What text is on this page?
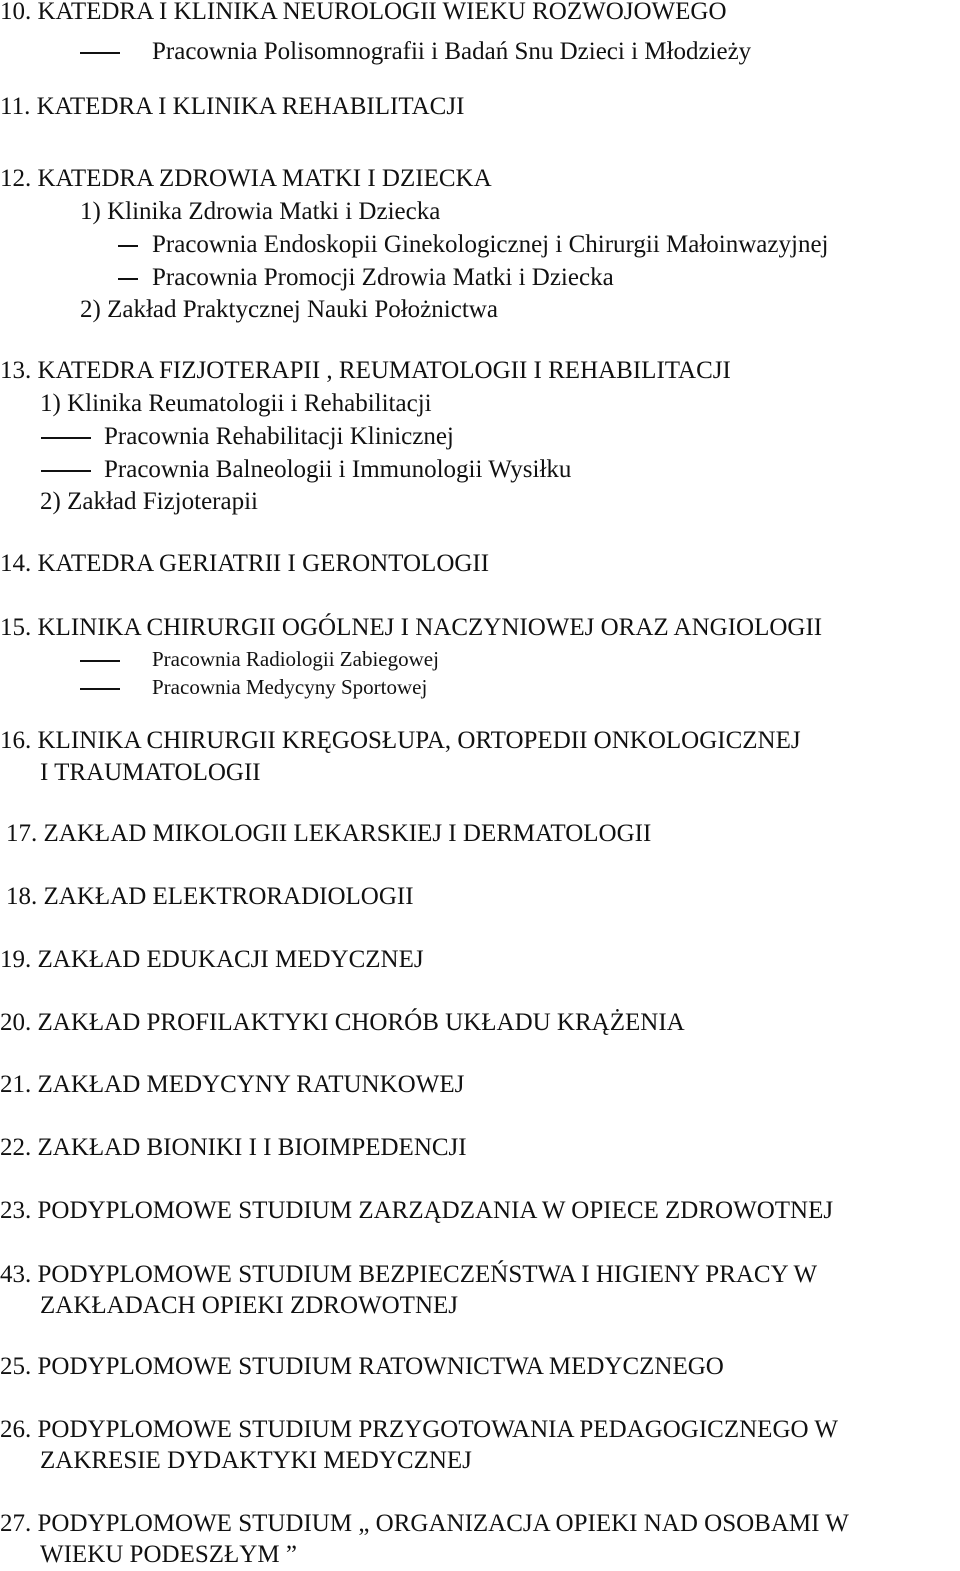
10. KATEDRA I KLINIKA NEUROLOGII WIEKU ROZWOJOWEGO
Pracownia Polisomnografii i Badań Snu Dzieci i Młodzieży
11. KATEDRA I KLINIKA REHABILITACJI
12. KATEDRA ZDROWIA MATKI I DZIECKA
1) Klinika Zdrowia Matki i Dziecka
Pracownia Endoskopii Ginekologicznej i Chirurgii Małoinwazyjnej
Pracownia Promocji Zdrowia Matki i Dziecka
2) Zakład Praktycznej Nauki Położnictwa
13. KATEDRA FIZJOTERAPII , REUMATOLOGII I REHABILITACJI
1) Klinika Reumatologii i Rehabilitacji
Pracownia Rehabilitacji Klinicznej
Pracownia Balneologii i Immunologii Wysiłku
2) Zakład Fizjoterapii
14. KATEDRA GERIATRII I GERONTOLOGII
15. KLINIKA CHIRURGII OGÓLNEJ I NACZYNIOWEJ ORAZ ANGIOLOGII
Pracownia Radiologii Zabiegowej
Pracownia Medycyny Sportowej
16. KLINIKA CHIRURGII KRĘGOSŁUPA, ORTOPEDII ONKOLOGICZNEJ
I TRAUMATOLOGII
17. ZAKŁAD MIKOLOGII LEKARSKIEJ I DERMATOLOGII
18. ZAKŁAD ELEKTRORADIOLOGII
19. ZAKŁAD EDUKACJI MEDYCZNEJ
20. ZAKŁAD PROFILAKTYKI CHORÓB UKŁADU KRĄŻENIA
21. ZAKŁAD MEDYCYNY RATUNKOWEJ
22. ZAKŁAD BIONIKI I I BIOIMPEDENCJI
23. PODYPLOMOWE STUDIUM ZARZĄDZANIA W OPIECE ZDROWOTNEJ
43. PODYPLOMOWE STUDIUM BEZPIECZEŃSTWA I HIGIENY PRACY W
ZAKŁADACH OPIEKI ZDROWOTNEJ
25. PODYPLOMOWE STUDIUM RATOWNICTWA MEDYCZNEGO
26. PODYPLOMOWE STUDIUM PRZYGOTOWANIA PEDAGOGICZNEGO W
ZAKRESIE DYDAKTYKI MEDYCZNEJ
27. PODYPLOMOWE STUDIUM „ ORGANIZACJA OPIEKI NAD OSOBAMI W
WIEKU PODESZŁYM ”
